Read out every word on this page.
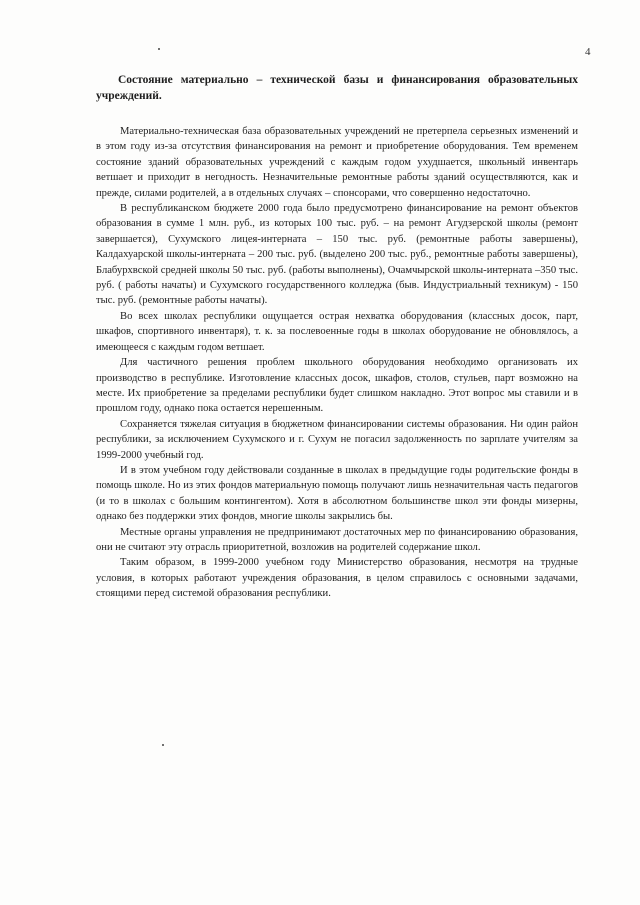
4

Состояние материально – технической базы и финансирования образовательных учреждений.

Материально-техническая база образовательных учреждений не претерпела серьезных изменений и в этом году из-за отсутствия финансирования на ремонт и приобретение оборудования. Тем временем состояние зданий образовательных учреждений с каждым годом ухудшается, школьный инвентарь ветшает и приходит в негодность. Незначительные ремонтные работы зданий осуществляются, как и прежде, силами родителей, а в отдельных случаях – спонсорами, что совершенно недостаточно.

В республиканском бюджете 2000 года было предусмотрено финансирование на ремонт объектов образования в сумме 1 млн. руб., из которых 100 тыс. руб. – на ремонт Агудзерской школы (ремонт завершается), Сухумского лицея-интерната – 150 тыс. руб. (ремонтные работы завершены), Калдахуарской школы-интерната – 200 тыс. руб. (выделено 200 тыс. руб., ремонтные работы завершены), Блабурхвской средней школы 50 тыс. руб. (работы выполнены), Очамчырской школы-интерната –350 тыс. руб. ( работы начаты) и Сухумского государственного колледжа (быв. Индустриальный техникум) - 150 тыс. руб. (ремонтные работы начаты).

Во всех школах республики ощущается острая нехватка оборудования (классных досок, парт, шкафов, спортивного инвентаря), т. к. за послевоенные годы в школах оборудование не обновлялось, а имеющееся с каждым годом ветшает.

Для частичного решения проблем школьного оборудования необходимо организовать их производство в республике. Изготовление классных досок, шкафов, столов, стульев, парт возможно на месте. Их приобретение за пределами республики будет слишком накладно. Этот вопрос мы ставили и в прошлом году, однако пока остается нерешенным.

Сохраняется тяжелая ситуация в бюджетном финансировании системы образования. Ни один район республики, за исключением Сухумского и г. Сухум не погасил задолженность по зарплате учителям за 1999-2000 учебный год.

И в этом учебном году действовали созданные в школах в предыдущие годы родительские фонды в помощь школе. Но из этих фондов материальную помощь получают лишь незначительная часть педагогов (и то в школах с большим контингентом). Хотя в абсолютном большинстве школ эти фонды мизерны, однако без поддержки этих фондов, многие школы закрылись бы.

Местные органы управления не предпринимают достаточных мер по финансированию образования, они не считают эту отрасль приоритетной, возложив на родителей содержание школ.

Таким образом, в 1999-2000 учебном году Министерство образования, несмотря на трудные условия, в которых работают учреждения образования, в целом справилось с основными задачами, стоящими перед системой образования республики.
